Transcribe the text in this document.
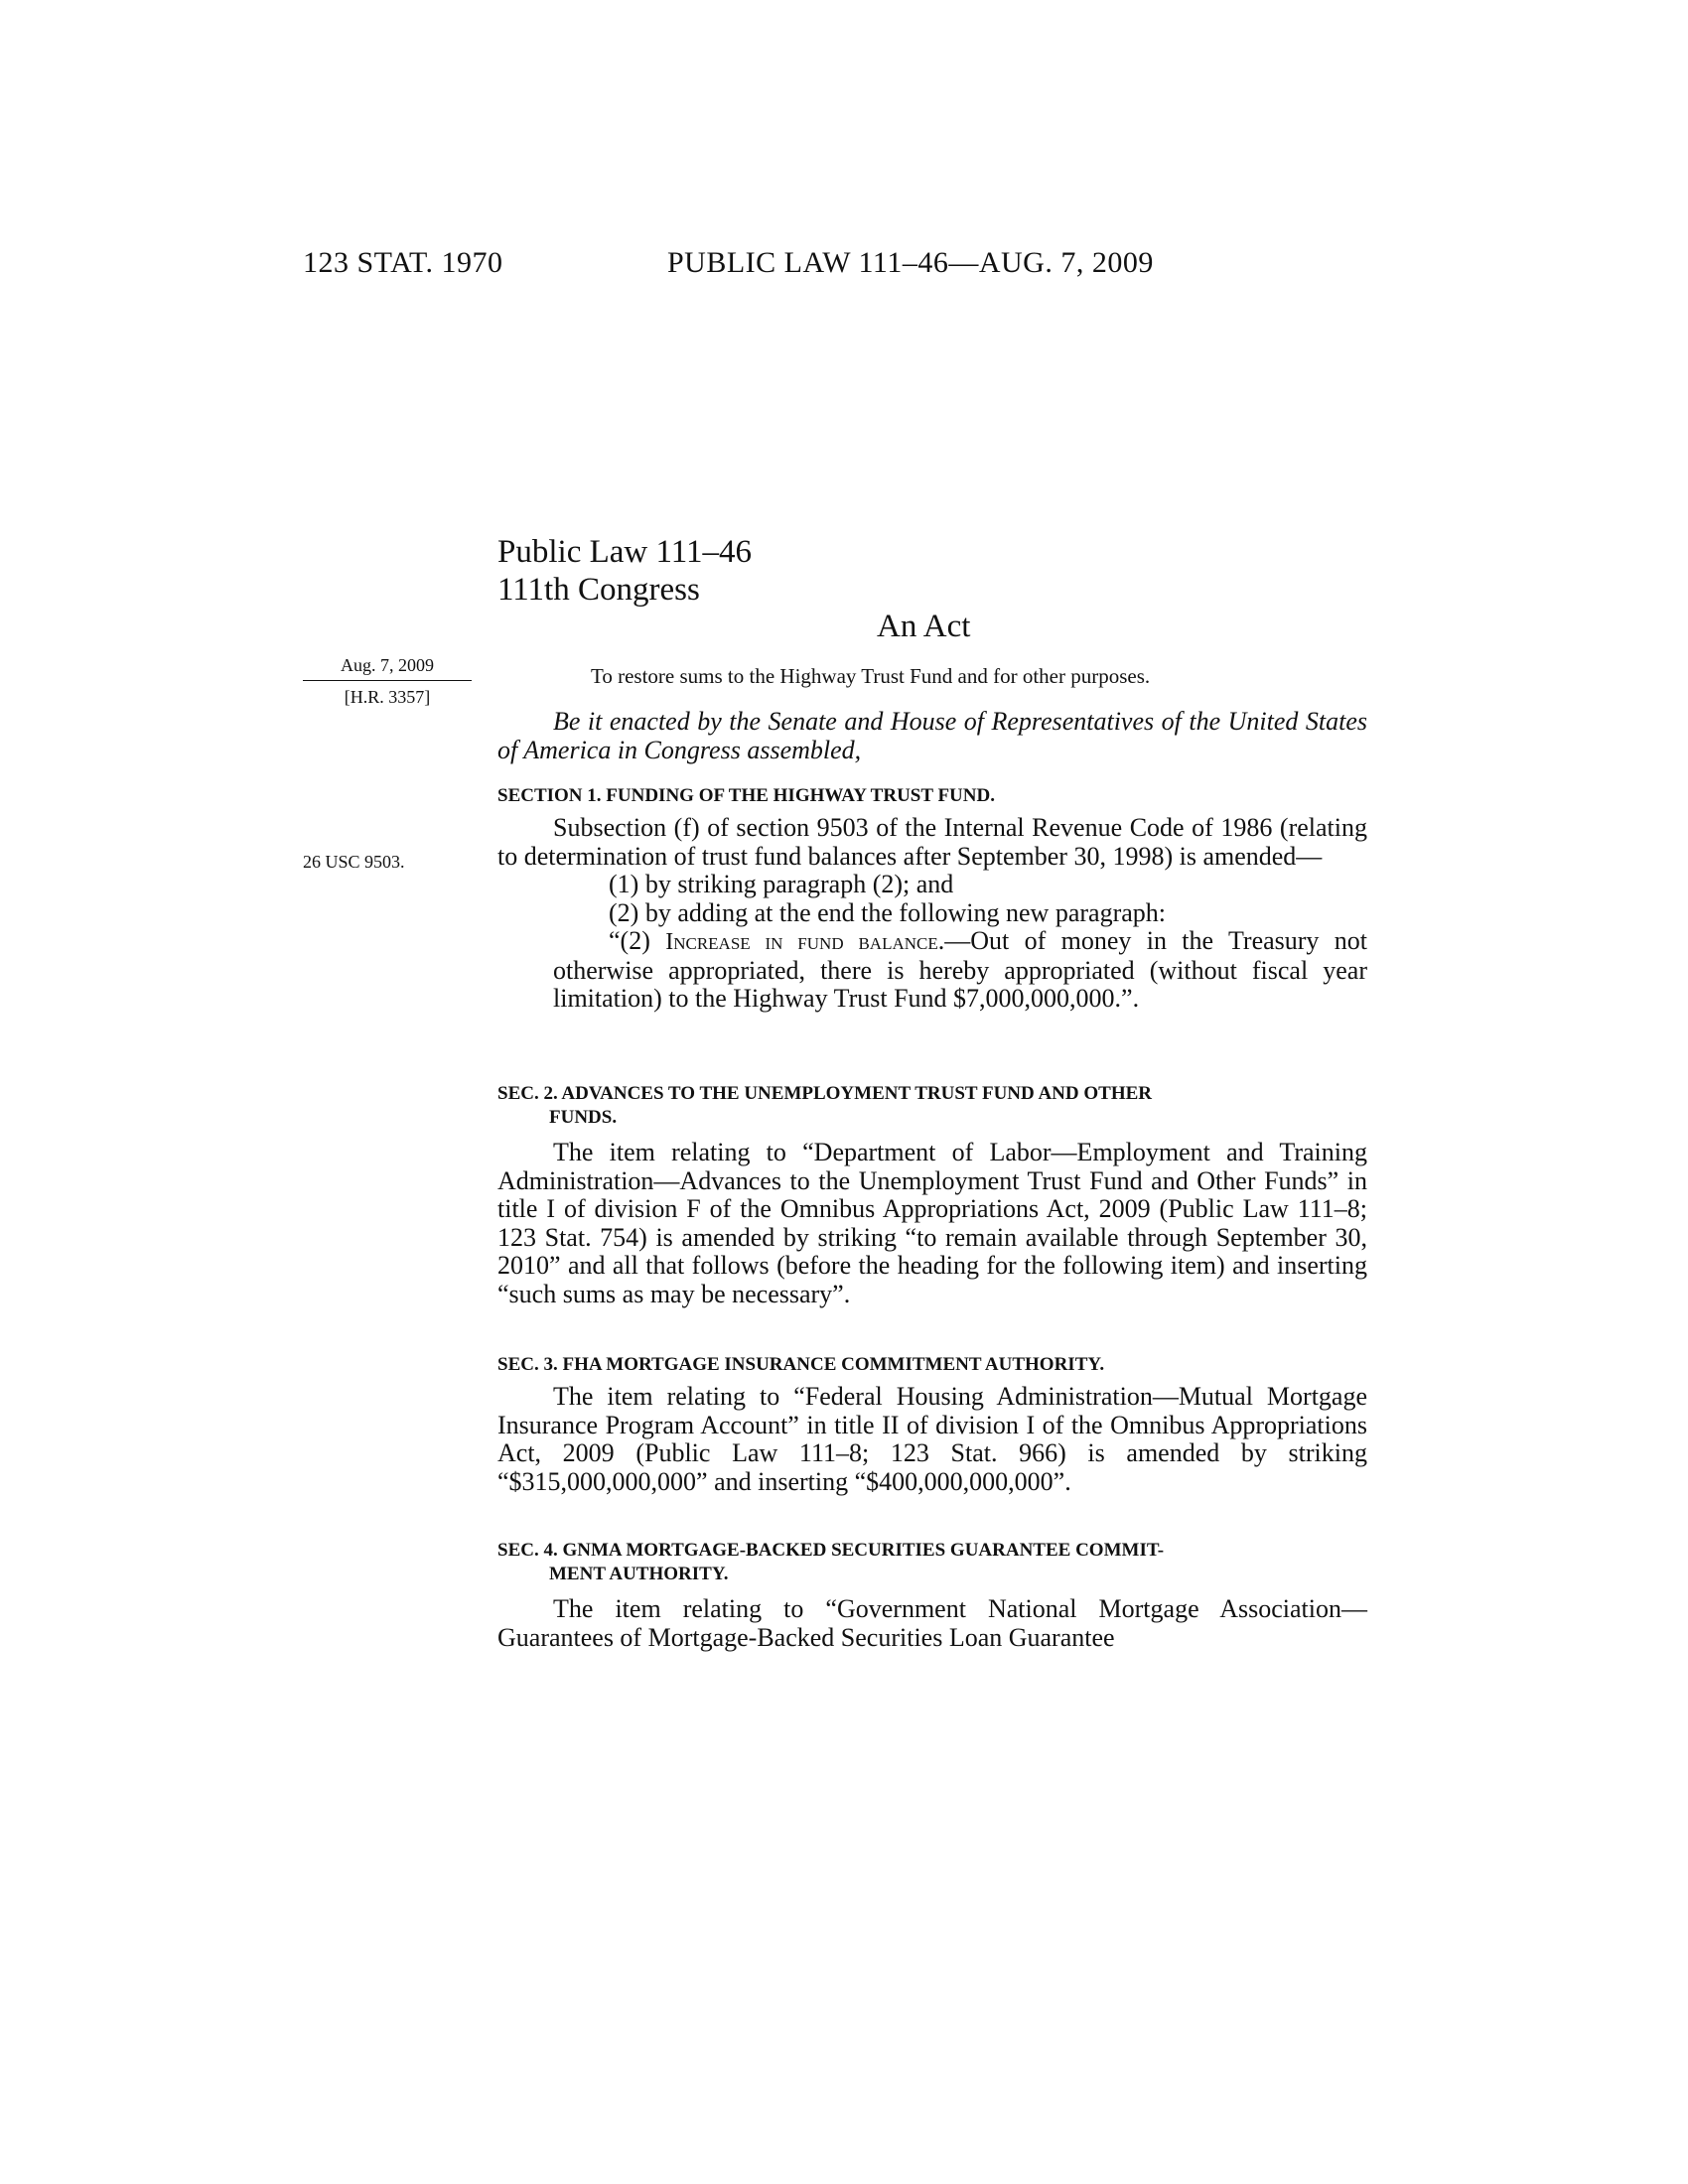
123 STAT. 1970	PUBLIC LAW 111–46—AUG. 7, 2009
Public Law 111–46
111th Congress
An Act
Aug. 7, 2009
[H.R. 3357]
26 USC 9503.
To restore sums to the Highway Trust Fund and for other purposes.

Be it enacted by the Senate and House of Representatives of the United States of America in Congress assembled,

SECTION 1. FUNDING OF THE HIGHWAY TRUST FUND.

Subsection (f) of section 9503 of the Internal Revenue Code of 1986 (relating to determination of trust fund balances after September 30, 1998) is amended—

(1) by striking paragraph (2); and

(2) by adding at the end the following new paragraph:

“(2) Increase in fund balance.—Out of money in the Treasury not otherwise appropriated, there is hereby appropriated (without fiscal year limitation) to the Highway Trust Fund $7,000,000,000.”.

SEC. 2. ADVANCES TO THE UNEMPLOYMENT TRUST FUND AND OTHER
FUNDS.

The item relating to “Department of Labor—Employment and Training Administration—Advances to the Unemployment Trust Fund and Other Funds” in title I of division F of the Omnibus Appropriations Act, 2009 (Public Law 111–8; 123 Stat. 754) is amended by striking “to remain available through September 30, 2010” and all that follows (before the heading for the following item) and inserting “such sums as may be necessary”.

SEC. 3. FHA MORTGAGE INSURANCE COMMITMENT AUTHORITY.

The item relating to “Federal Housing Administration—Mutual Mortgage Insurance Program Account” in title II of division I of the Omnibus Appropriations Act, 2009 (Public Law 111–8; 123 Stat. 966) is amended by striking “$315,000,000,000” and inserting “$400,000,000,000”.

SEC. 4. GNMA MORTGAGE-BACKED SECURITIES GUARANTEE COMMIT-
MENT AUTHORITY.

The item relating to “Government National Mortgage Association—Guarantees of Mortgage-Backed Securities Loan Guarantee
